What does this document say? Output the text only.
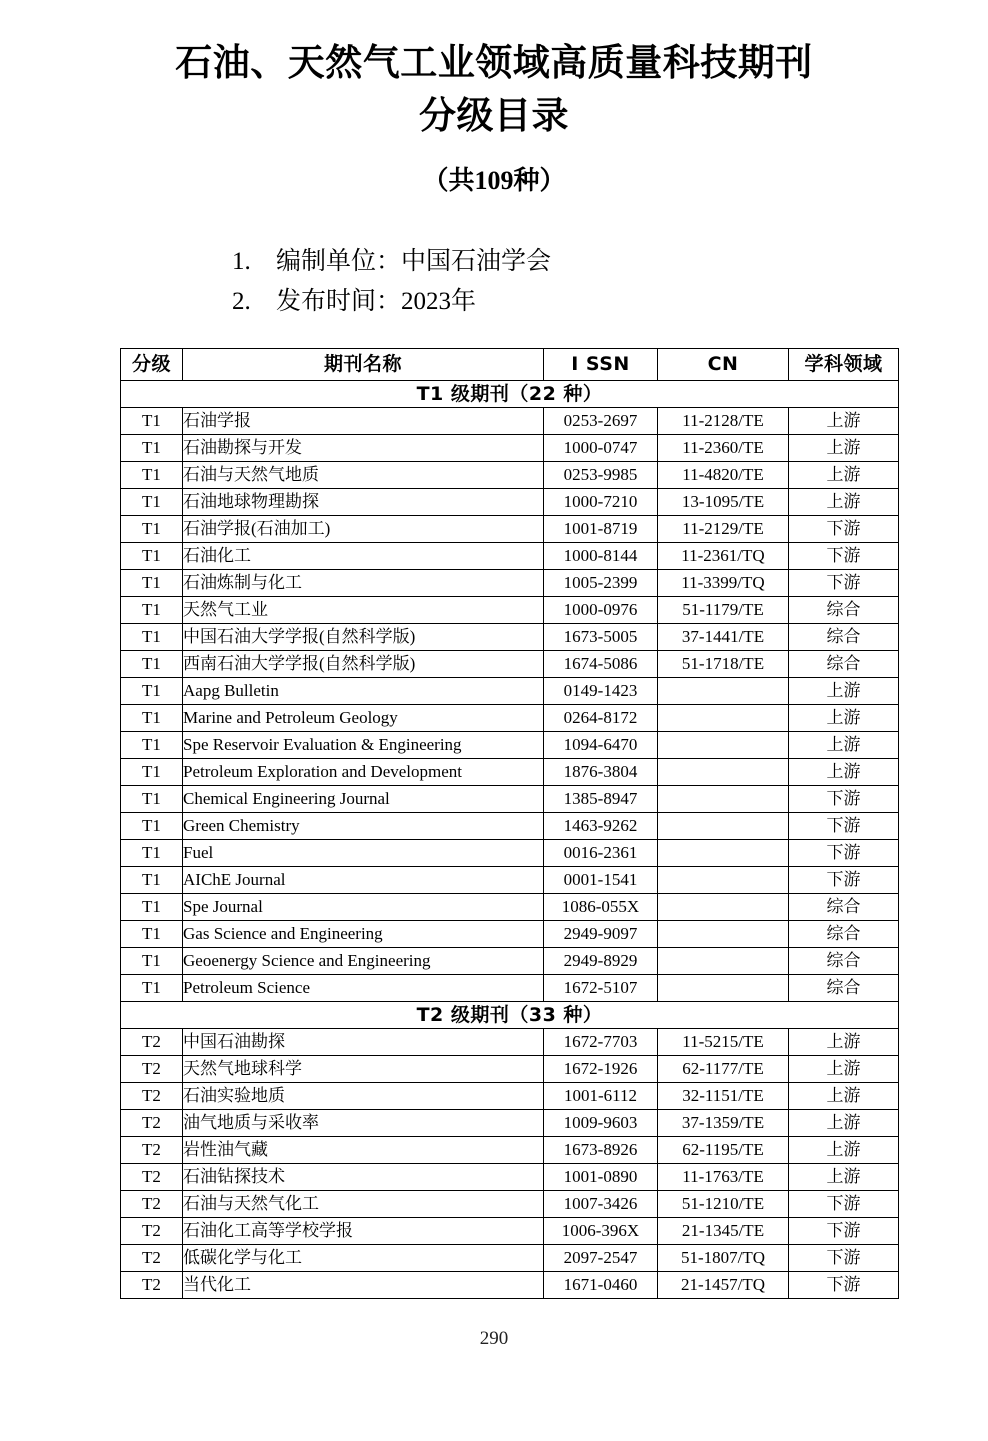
石油、天然气工业领域高质量科技期刊
分级目录
（共109种）
1. 编制单位：中国石油学会
2. 发布时间：2023年
分级	期刊名称	I SSN	CN	学科领域
T1 级期刊（22 种）				
T1	石油学报	0253-2697	11-2128/TE	上游
T1	石油勘探与开发	1000-0747	11-2360/TE	上游
T1	石油与天然气地质	0253-9985	11-4820/TE	上游
T1	石油地球物理勘探	1000-7210	13-1095/TE	上游
T1	石油学报(石油加工)	1001-8719	11-2129/TE	下游
T1	石油化工	1000-8144	11-2361/TQ	下游
T1	石油炼制与化工	1005-2399	11-3399/TQ	下游
T1	天然气工业	1000-0976	51-1179/TE	综合
T1	中国石油大学学报(自然科学版)	1673-5005	37-1441/TE	综合
T1	西南石油大学学报(自然科学版)	1674-5086	51-1718/TE	综合
T1	Aapg Bulletin	0149-1423		上游
T1	Marine and Petroleum Geology	0264-8172		上游
T1	Spe Reservoir Evaluation & Engineering	1094-6470		上游
T1	Petroleum Exploration and Development	1876-3804		上游
T1	Chemical Engineering Journal	1385-8947		下游
T1	Green Chemistry	1463-9262		下游
T1	Fuel	0016-2361		下游
T1	AIChE Journal	0001-1541		下游
T1	Spe Journal	1086-055X		综合
T1	Gas Science and Engineering	2949-9097		综合
T1	Geoenergy Science and Engineering	2949-8929		综合
T1	Petroleum Science	1672-5107		综合
T2 级期刊（33 种）				
T2	中国石油勘探	1672-7703	11-5215/TE	上游
T2	天然气地球科学	1672-1926	62-1177/TE	上游
T2	石油实验地质	1001-6112	32-1151/TE	上游
T2	油气地质与采收率	1009-9603	37-1359/TE	上游
T2	岩性油气藏	1673-8926	62-1195/TE	上游
T2	石油钻探技术	1001-0890	11-1763/TE	上游
T2	石油与天然气化工	1007-3426	51-1210/TE	下游
T2	石油化工高等学校学报	1006-396X	21-1345/TE	下游
T2	低碳化学与化工	2097-2547	51-1807/TQ	下游
T2	当代化工	1671-0460	21-1457/TQ	下游
290
